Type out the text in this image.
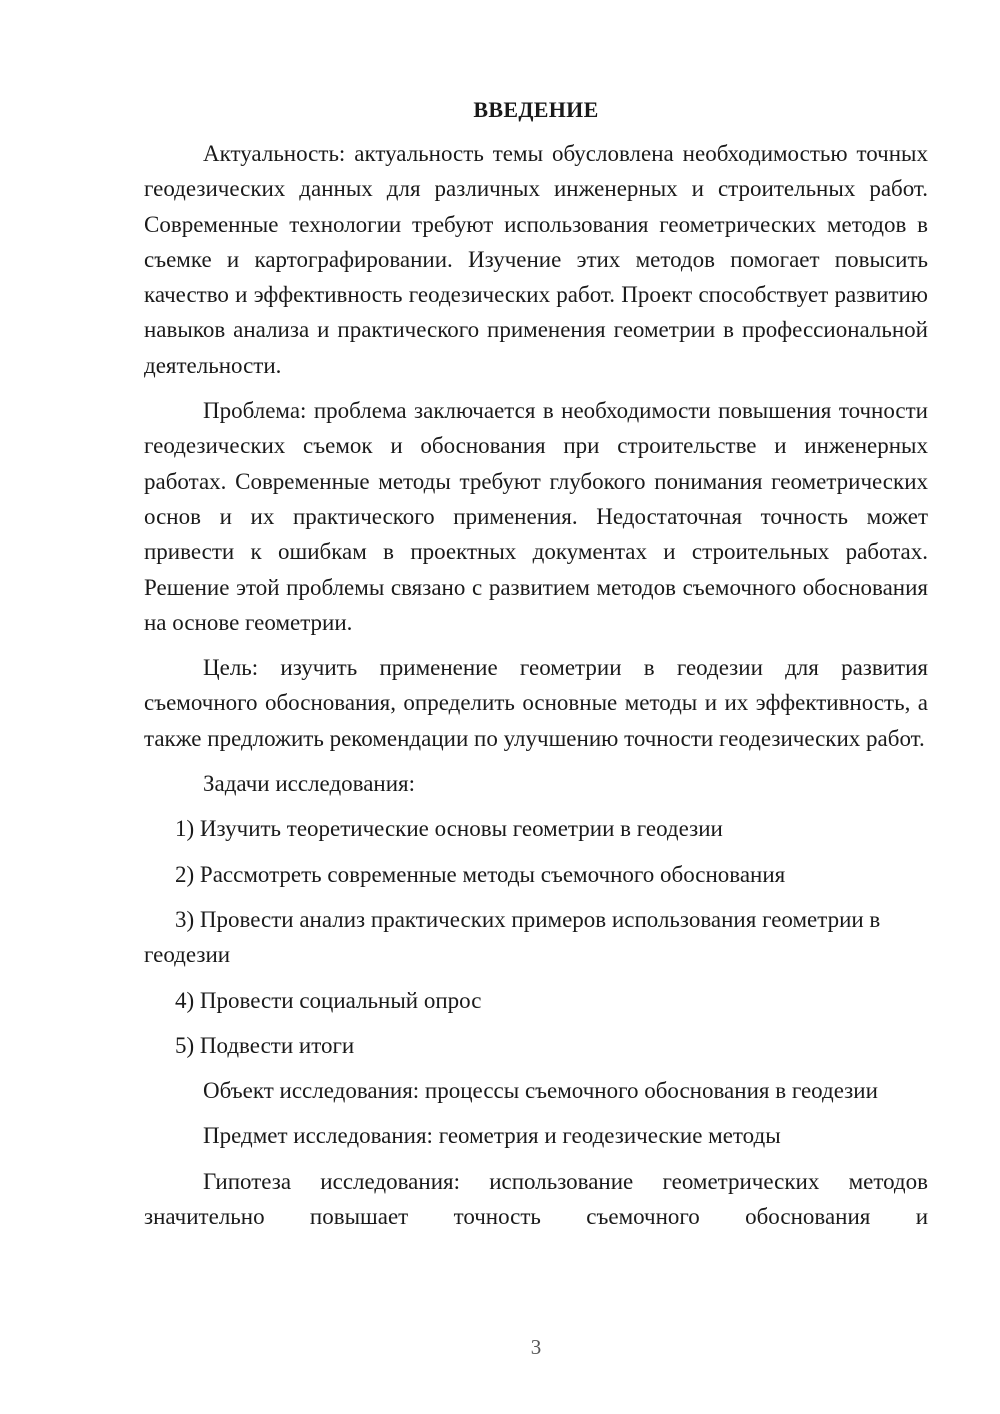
ВВЕДЕНИЕ

Актуальность: актуальность темы обусловлена необходимостью точных геодезических данных для различных инженерных и строительных работ. Современные технологии требуют использования геометрических методов в съемке и картографировании. Изучение этих методов помогает повысить качество и эффективность геодезических работ. Проект способствует развитию навыков анализа и практического применения геометрии в профессиональной деятельности.

Проблема: проблема заключается в необходимости повышения точности геодезических съемок и обоснования при строительстве и инженерных работах. Современные методы требуют глубокого понимания геометрических основ и их практического применения. Недостаточная точность может привести к ошибкам в проектных документах и строительных работах. Решение этой проблемы связано с развитием методов съемочного обоснования на основе геометрии.

Цель: изучить применение геометрии в геодезии для развития съемочного обоснования, определить основные методы и их эффективность, а также предложить рекомендации по улучшению точности геодезических работ.

Задачи исследования:

1) Изучить теоретические основы геометрии в геодезии

2) Рассмотреть современные методы съемочного обоснования

3) Провести анализ практических примеров использования геометрии в геодезии

4) Провести социальный опрос

5) Подвести итоги

Объект исследования: процессы съемочного обоснования в геодезии

Предмет исследования: геометрия и геодезические методы

Гипотеза исследования: использование геометрических методов значительно повышает точность съемочного обоснования и

3
